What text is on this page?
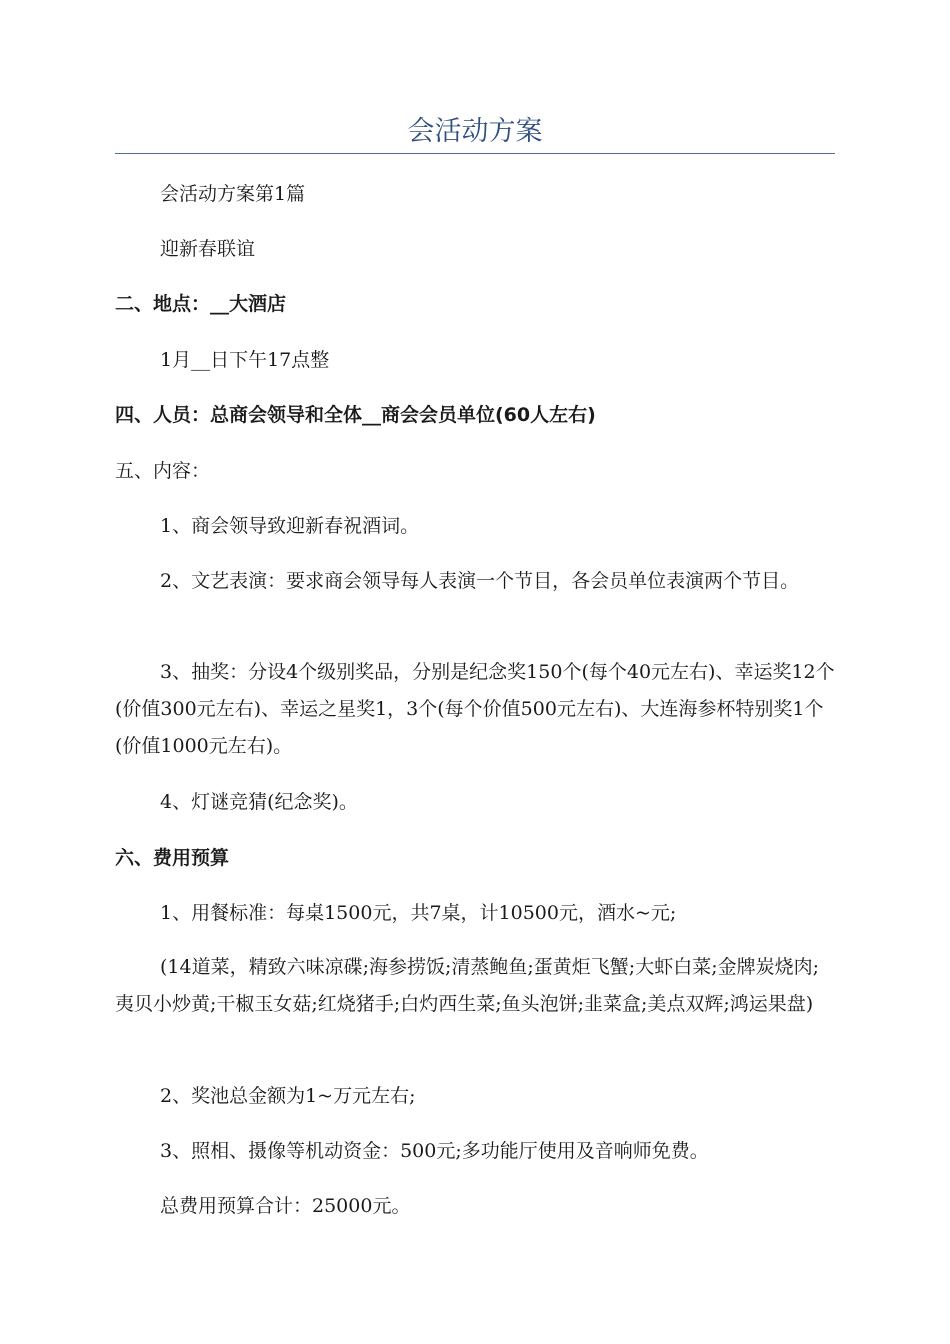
会活动方案

会活动方案第1篇

迎新春联谊

二、地点：__大酒店

1月__日下午17点整

四、人员：总商会领导和全体__商会会员单位(60人左右)

五、内容：

1、商会领导致迎新春祝酒词。

2、文艺表演：要求商会领导每人表演一个节目，各会员单位表演两个节目。

3、抽奖：分设4个级别奖品，分别是纪念奖150个(每个40元左右)、幸运奖12个(价值300元左右)、幸运之星奖1，3个(每个价值500元左右)、大连海参杯特别奖1个(价值1000元左右)。

4、灯谜竞猜(纪念奖)。

六、费用预算

1、用餐标准：每桌1500元，共7桌，计10500元，酒水~元;

(14道菜，精致六味凉碟;海参捞饭;清蒸鲍鱼;蛋黄炬飞蟹;大虾白菜;金牌炭烧肉;夷贝小炒黄;干椒玉女菇;红烧猪手;白灼西生菜;鱼头泡饼;韭菜盒;美点双辉;鸿运果盘)

2、奖池总金额为1~万元左右;

3、照相、摄像等机动资金：500元;多功能厅使用及音响师免费。

总费用预算合计：25000元。
